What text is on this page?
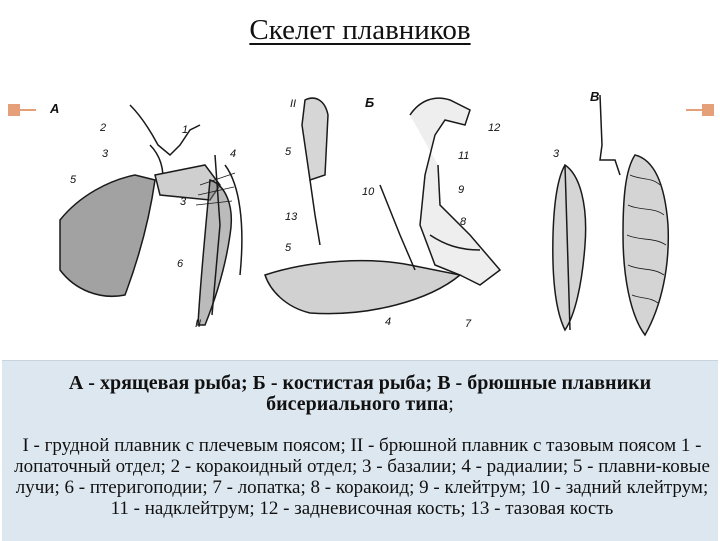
Скелет плавников
А
2	1
3	4
5
3
6
II
Б
II
5
13
5
12
11
10	9
8
4	7
В
3
А - хрящевая рыба; Б - костистая рыба; В - брюшные плавники бисериального типа;
I - грудной плавник с плечевым поясом; II - брюшной плавник с тазовым поясом 1 - лопаточный отдел; 2 - коракоидный отдел; 3 - базалии; 4 - радиалии; 5 - плавни-ковые лучи; 6 - птеригоподии; 7 - лопатка; 8 - коракоид; 9 - клейтрум; 10 - задний клейтрум; 11 - надклейтрум; 12 - задневисочная кость; 13 - тазовая кость
